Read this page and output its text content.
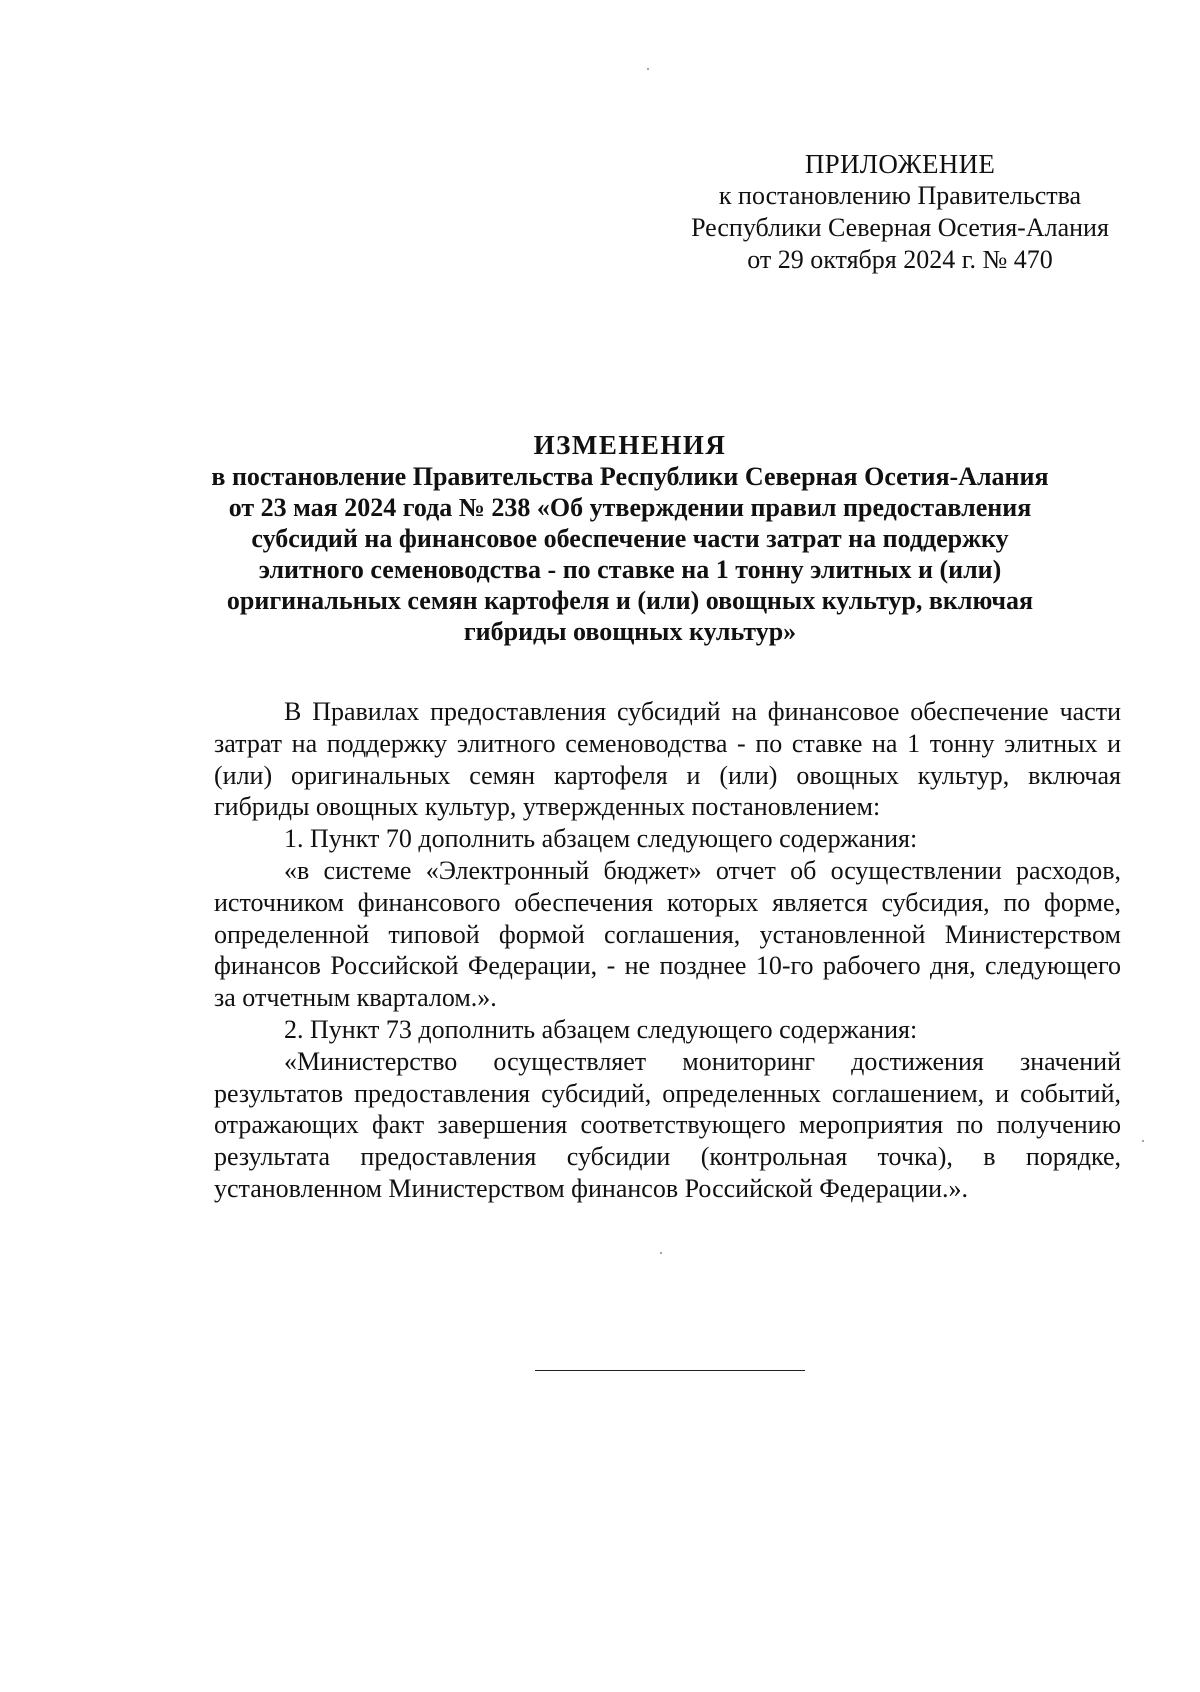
ПРИЛОЖЕНИЕ
к постановлению Правительства
Республики Северная Осетия-Алания
от 29 октября 2024 г. № 470
ИЗМЕНЕНИЯ
в постановление Правительства Республики Северная Осетия-Алания
от 23 мая 2024 года № 238 «Об утверждении правил предоставления
субсидий на финансовое обеспечение части затрат на поддержку
элитного семеноводства - по ставке на 1 тонну элитных и (или)
оригинальных семян картофеля и (или) овощных культур, включая
гибриды овощных культур»

В Правилах предоставления субсидий на финансовое обеспечение части затрат на поддержку элитного семеноводства - по ставке на 1 тонну элитных и (или) оригинальных семян картофеля и (или) овощных культур, включая гибриды овощных культур, утвержденных постановлением:

1. Пункт 70 дополнить абзацем следующего содержания:

«в системе «Электронный бюджет» отчет об осуществлении расходов, источником финансового обеспечения которых является субсидия, по форме, определенной типовой формой соглашения, установленной Министерством финансов Российской Федерации, - не позднее 10-го рабочего дня, следующего за отчетным кварталом.».

2. Пункт 73 дополнить абзацем следующего содержания:

«Министерство осуществляет мониторинг достижения значений результатов предоставления субсидий, определенных соглашением, и событий, отражающих факт завершения соответствующего мероприятия по получению результата предоставления субсидии (контрольная точка), в порядке, установленном Министерством финансов Российской Федерации.».
